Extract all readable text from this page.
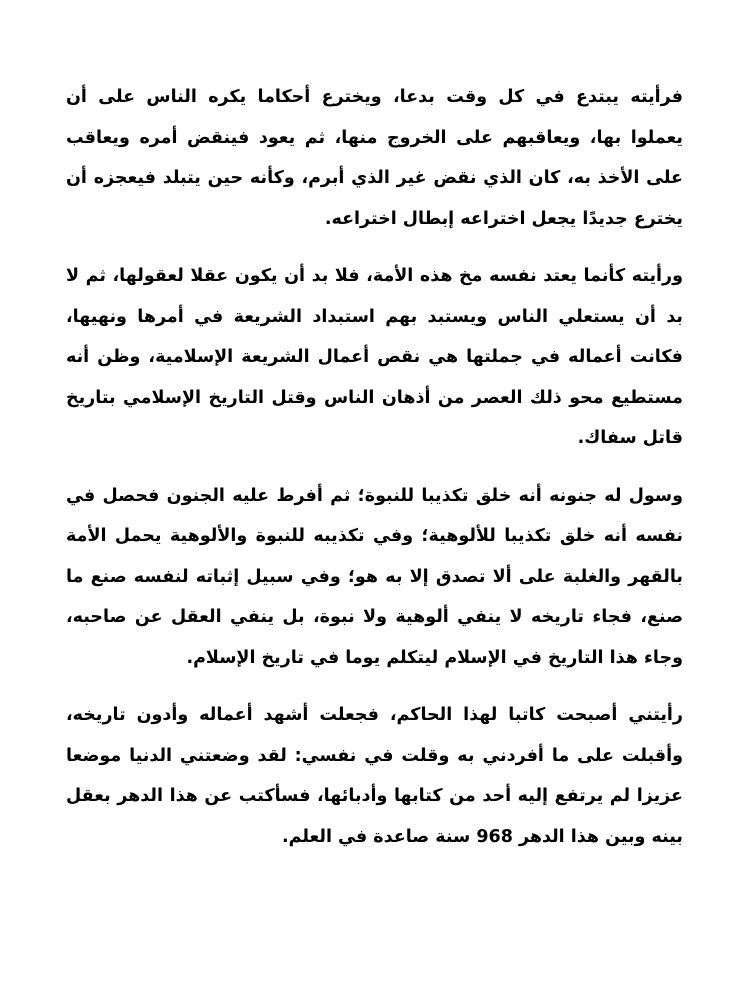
فرأيته يبتدع في كل وقت بدعا، ويخترع أحكاما يكره الناس على أن يعملوا بها، ويعاقبهم على الخروج منها، ثم يعود فينقض أمره ويعاقب على الأخذ به، كان الذي نقض غير الذي أبرم، وكأنه حين يتبلد فيعجزه أن يخترع جديدًا يجعل اختراعه إبطال اختراعه.

ورأيته كأنما يعتد نفسه مخ هذه الأمة، فلا بد أن يكون عقلا لعقولها، ثم لا بد أن يستعلي الناس ويستبد بهم استبداد الشريعة في أمرها ونهيها، فكانت أعماله في جملتها هي نقص أعمال الشريعة الإسلامية، وظن أنه مستطيع محو ذلك العصر من أذهان الناس وقتل التاريخ الإسلامي بتاريخ قاتل سفاك.

وسول له جنونه أنه خلق تكذيبا للنبوة؛ ثم أفرط عليه الجنون فحصل في نفسه أنه خلق تكذيبا للألوهية؛ وفي تكذيبه للنبوة والألوهية يحمل الأمة بالقهر والغلبة على ألا تصدق إلا به هو؛ وفي سبيل إثباته لنفسه صنع ما صنع، فجاء تاريخه لا ينفي ألوهية ولا نبوة، بل ينفي العقل عن صاحبه، وجاء هذا التاريخ في الإسلام ليتكلم يوما في تاريخ الإسلام.

رأيتني أصبحت كاتبا لهذا الحاكم، فجعلت أشهد أعماله وأدون تاريخه، وأقبلت على ما أفردني به وقلت في نفسي: لقد وضعتني الدنيا موضعا عزيزا لم يرتفع إليه أحد من كتابها وأدبائها، فسأكتب عن هذا الدهر بعقل بينه وبين هذا الدهر 968 سنة صاعدة في العلم.
